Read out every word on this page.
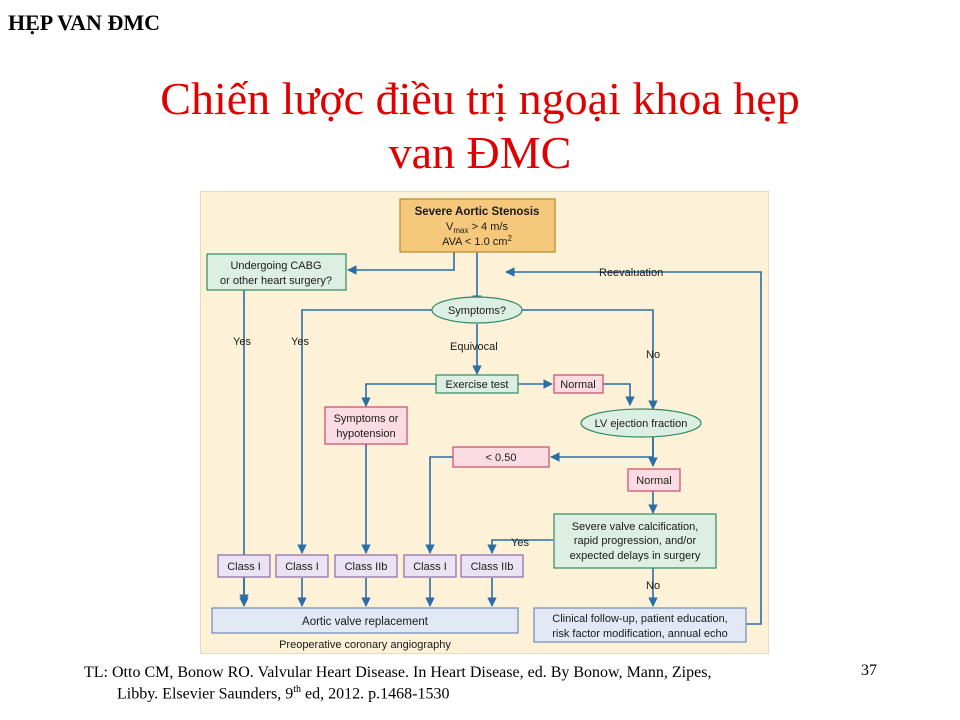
HẸP VAN ĐMC
Chiến lược điều trị ngoại khoa hẹp
van ĐMC
Severe Aortic Stenosis
$V_{max} > 4$ m/s
AVA < 1.0 $cm^2$
Undergoing CABG
or other heart surgery?
Reevaluation
Symptoms?
Yes	Yes	Equivocal
No
Exercise test	Normal
Symptoms or
hypotension
LV ejection fraction
< 0.50
Normal
Severe valve calcification,
rapid progression, and/or
expected delays in surgery
Yes
No
Class I Class I Class IIb Class I Class IIb
Aortic valve replacement
Preoperative coronary angiography
Clinical follow-up, patient education,
risk factor modification, annual echo
TL: Otto CM, Bonow RO. Valvular Heart Disease. In Heart Disease, ed. By Bonow, Mann, Zipes,
Libby. Elsevier Saunders, 9th ed, 2012. p.1468-1530
37
